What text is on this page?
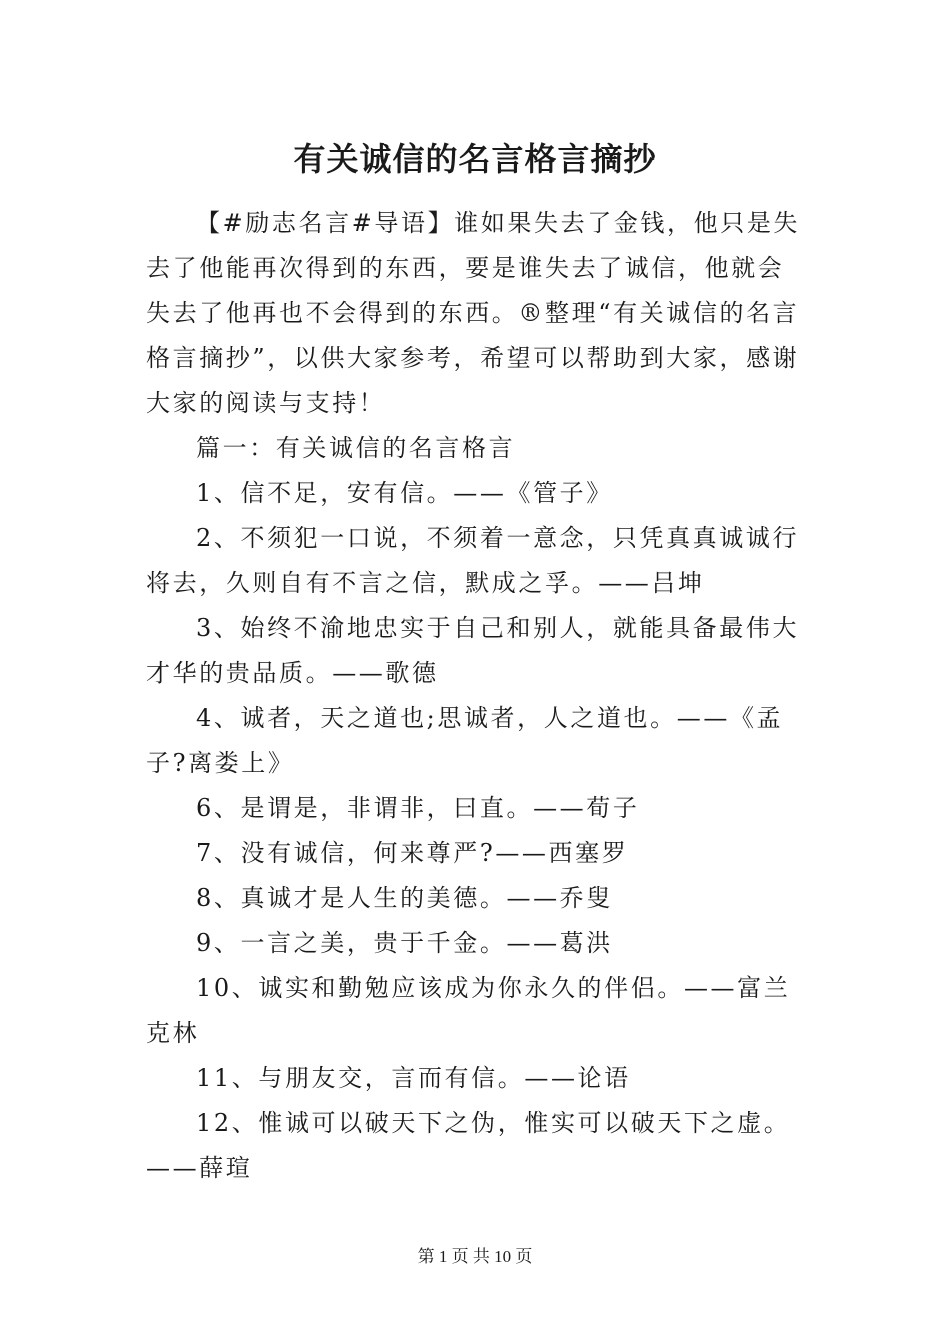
有关诚信的名言格言摘抄

【#励志名言#导语】谁如果失去了金钱，他只是失去了他能再次得到的东西，要是谁失去了诚信，他就会失去了他再也不会得到的东西。®整理“有关诚信的名言格言摘抄”，以供大家参考，希望可以帮助到大家，感谢大家的阅读与支持！

篇一：有关诚信的名言格言

1、信不足，安有信。——《管子》

2、不须犯一口说，不须着一意念，只凭真真诚诚行将去，久则自有不言之信，默成之孚。——吕坤

3、始终不渝地忠实于自己和别人，就能具备最伟大才华的贵品质。——歌德

4、诚者，天之道也;思诚者，人之道也。——《孟子?离娄上》

6、是谓是，非谓非，曰直。——荀子

7、没有诚信，何来尊严?——西塞罗

8、真诚才是人生的美德。——乔叟

9、一言之美，贵于千金。——葛洪

10、诚实和勤勉应该成为你永久的伴侣。——富兰克林

11、与朋友交，言而有信。——论语

12、惟诚可以破天下之伪，惟实可以破天下之虚。——薛瑄

第 1 页 共 10 页
